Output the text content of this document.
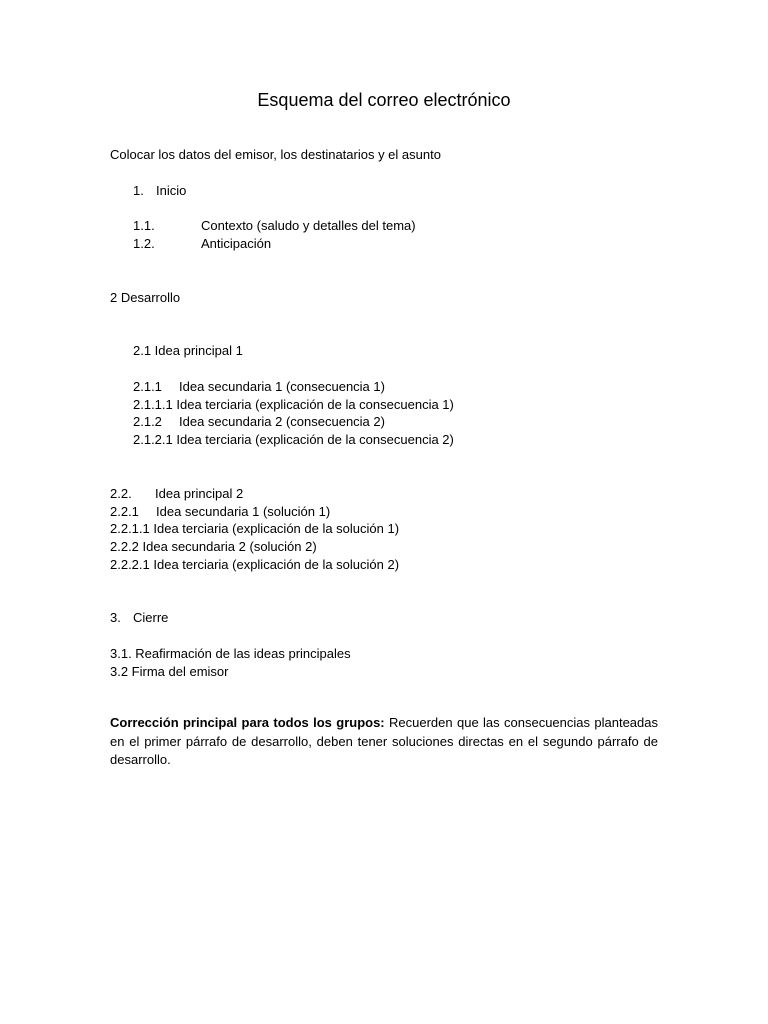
Esquema del correo electrónico
Colocar los datos del emisor, los destinatarios y el asunto
1. Inicio
1.1.	Contexto (saludo y detalles del tema)
1.2.	Anticipación
2 Desarrollo
2.1 Idea principal 1
2.1.1 Idea secundaria 1 (consecuencia 1)
2.1.1.1 Idea terciaria (explicación de la consecuencia 1)
2.1.2 Idea secundaria 2 (consecuencia 2)
2.1.2.1 Idea terciaria (explicación de la consecuencia 2)
2.2. Idea principal 2
2.2.1 Idea secundaria 1 (solución 1)
2.2.1.1 Idea terciaria (explicación de la solución 1)
2.2.2 Idea secundaria 2 (solución 2)
2.2.2.1 Idea terciaria (explicación de la solución 2)
3. Cierre
3.1. Reafirmación de las ideas principales
3.2 Firma del emisor
Corrección principal para todos los grupos: Recuerden que las consecuencias planteadas en el primer párrafo de desarrollo, deben tener soluciones directas en el segundo párrafo de desarrollo.
